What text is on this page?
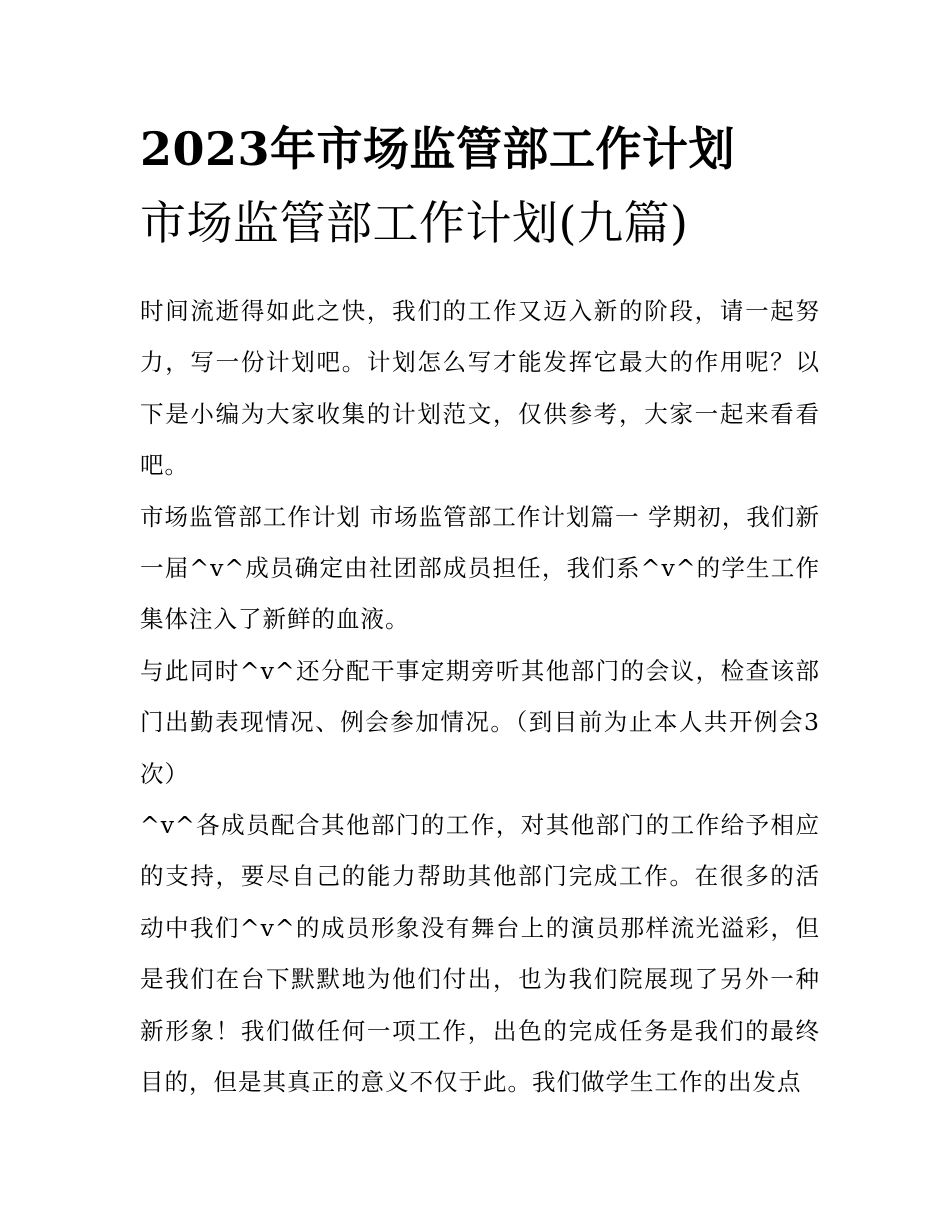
2023年市场监管部工作计划
市场监管部工作计划(九篇)

时间流逝得如此之快，我们的工作又迈入新的阶段，请一起努力，写一份计划吧。计划怎么写才能发挥它最大的作用呢？以下是小编为大家收集的计划范文，仅供参考，大家一起来看看吧。

市场监管部工作计划 市场监管部工作计划篇一 学期初，我们新一届^v^成员确定由社团部成员担任，我们系^v^的学生工作集体注入了新鲜的血液。

与此同时^v^还分配干事定期旁听其他部门的会议，检查该部门出勤表现情况、例会参加情况。（到目前为止本人共开例会3次）

^v^各成员配合其他部门的工作，对其他部门的工作给予相应的支持，要尽自己的能力帮助其他部门完成工作。在很多的活动中我们^v^的成员形象没有舞台上的演员那样流光溢彩，但是我们在台下默默地为他们付出，也为我们院展现了另外一种新形象！我们做任何一项工作，出色的完成任务是我们的最终目的，但是其真正的意义不仅于此。我们做学生工作的出发点
